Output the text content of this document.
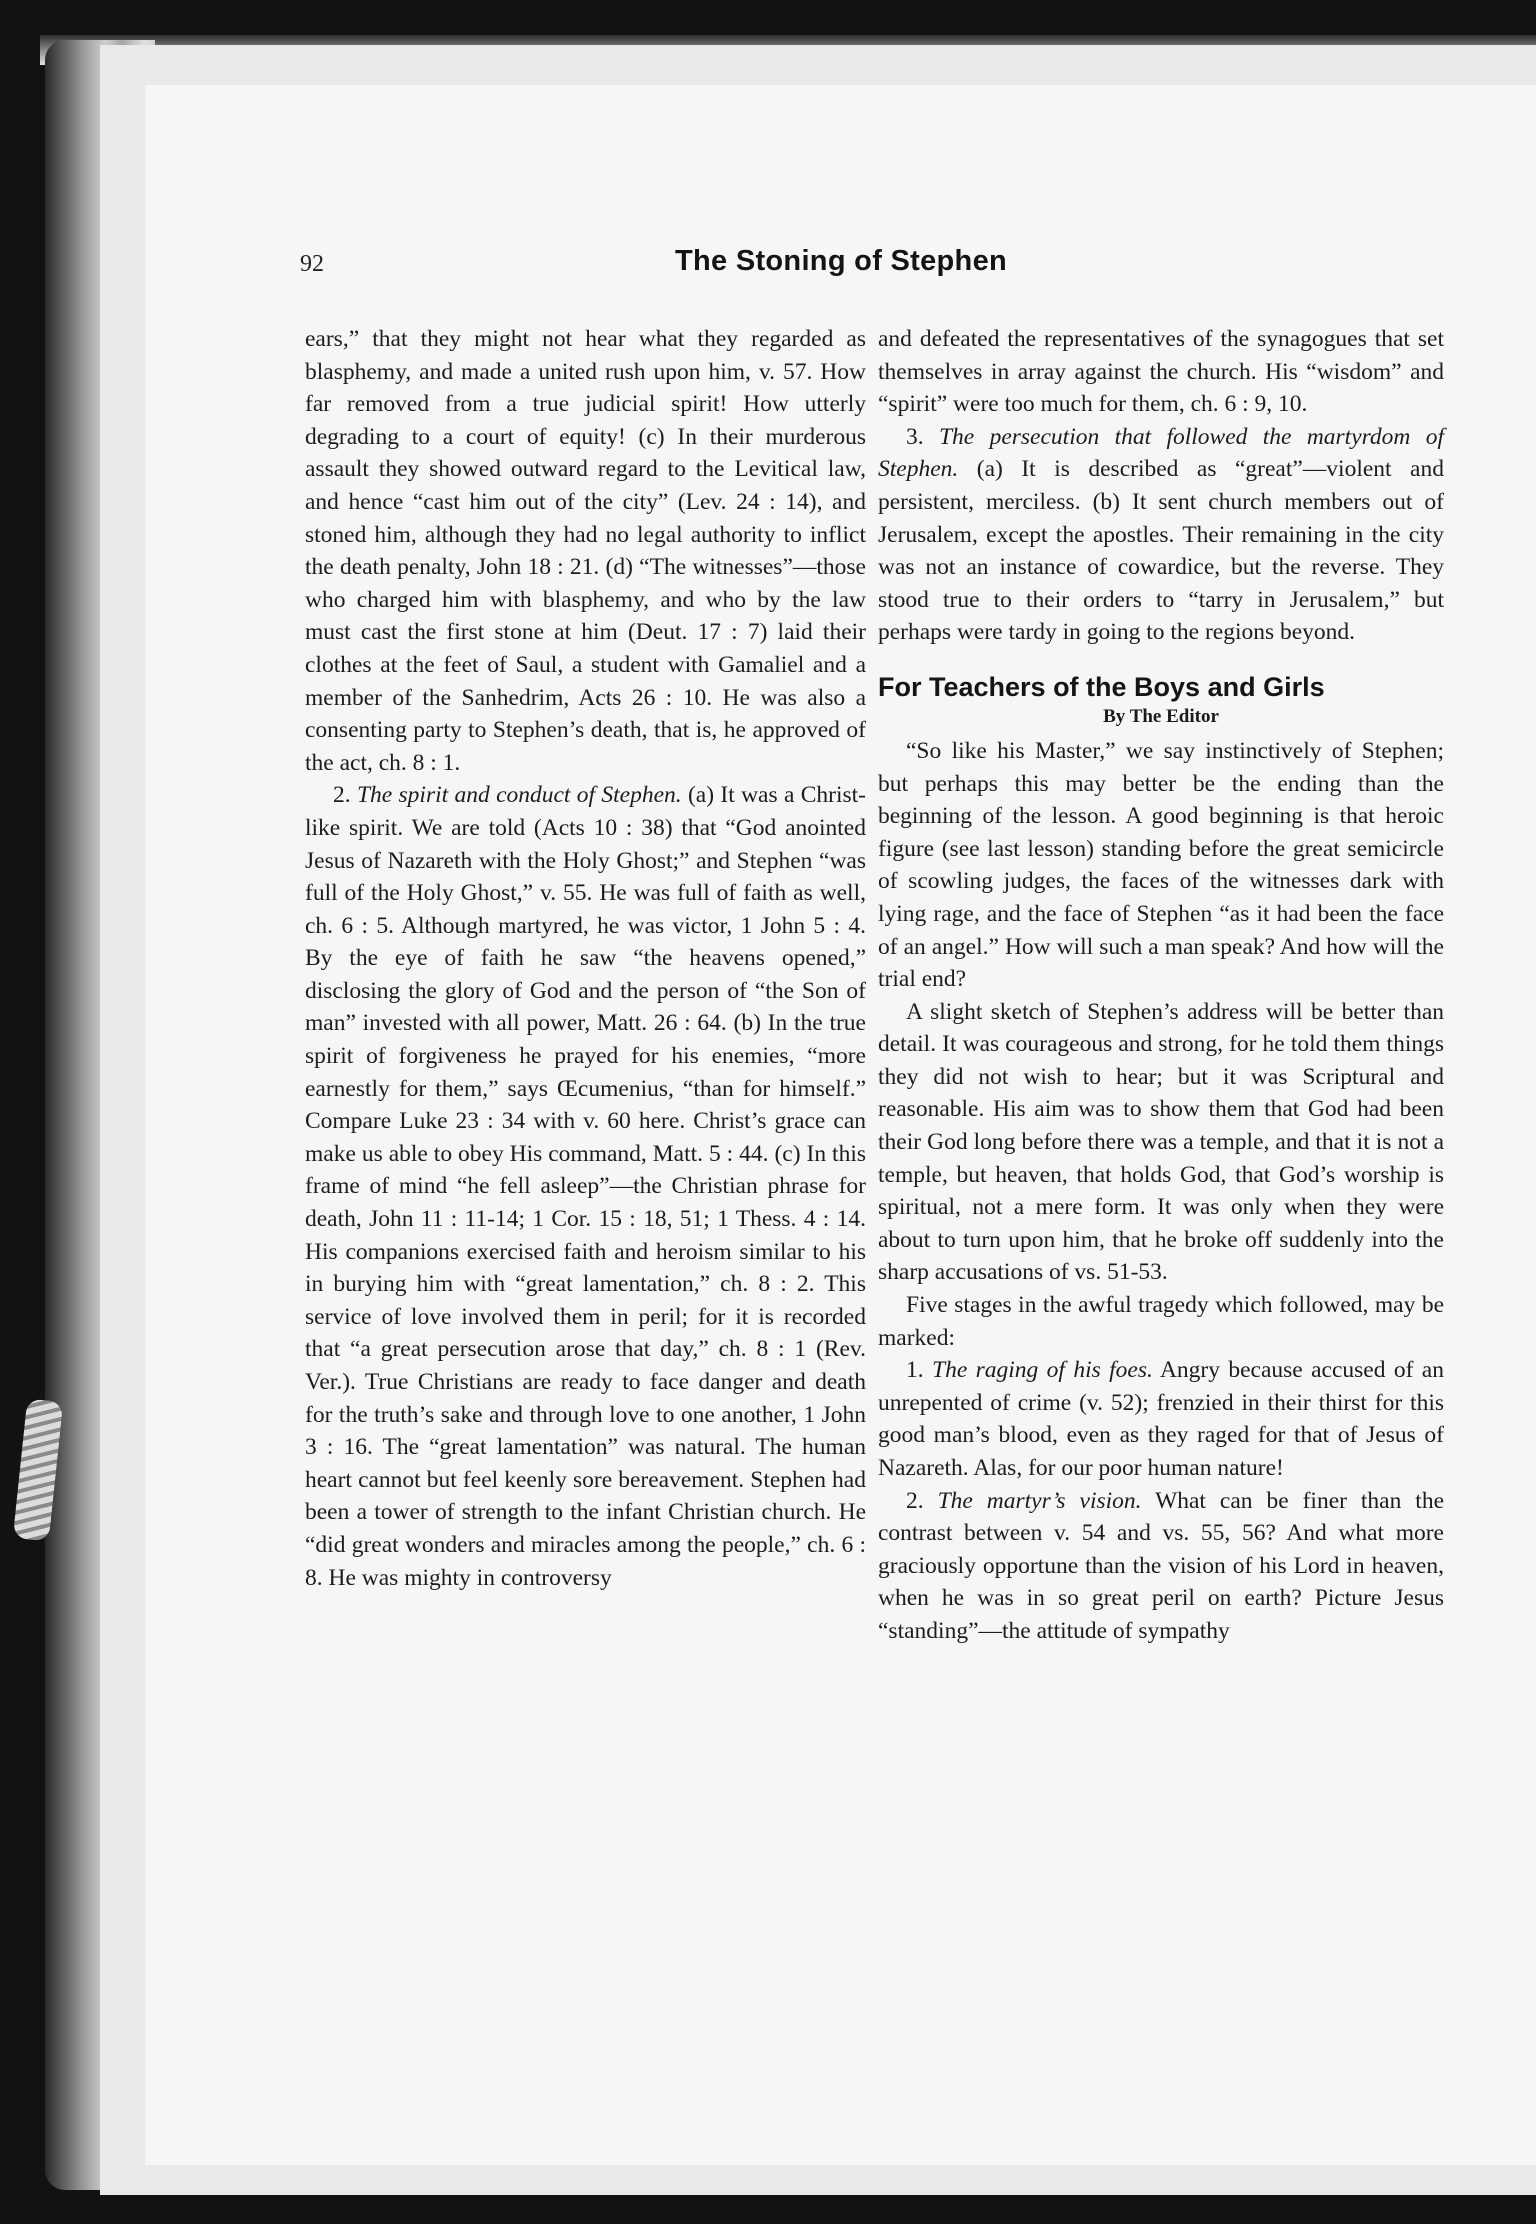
92	The Stoning of Stephen

ears,” that they might not hear what they regarded as blasphemy, and made a united rush upon him, v. 57. How far removed from a true judicial spirit! How utterly degrading to a court of equity! (c) In their murderous assault they showed outward regard to the Levitical law, and hence “cast him out of the city” (Lev. 24 : 14), and stoned him, although they had no legal authority to inflict the death penalty, John 18 : 21. (d) “The witnesses”—those who charged him with blasphemy, and who by the law must cast the first stone at him (Deut. 17 : 7) laid their clothes at the feet of Saul, a student with Gamaliel and a member of the Sanhedrim, Acts 26 : 10. He was also a consenting party to Stephen’s death, that is, he approved of the act, ch. 8 : 1.

2. The spirit and conduct of Stephen. (a) It was a Christ-like spirit. We are told (Acts 10 : 38) that “God anointed Jesus of Nazareth with the Holy Ghost;” and Stephen “was full of the Holy Ghost,” v. 55. He was full of faith as well, ch. 6 : 5. Although martyred, he was victor, 1 John 5 : 4. By the eye of faith he saw “the heavens opened,” disclosing the glory of God and the person of “the Son of man” invested with all power, Matt. 26 : 64. (b) In the true spirit of forgiveness he prayed for his enemies, “more earnestly for them,” says Œcumenius, “than for himself.” Compare Luke 23 : 34 with v. 60 here. Christ’s grace can make us able to obey His command, Matt. 5 : 44. (c) In this frame of mind “he fell asleep”—the Christian phrase for death, John 11 : 11-14; 1 Cor. 15 : 18, 51; 1 Thess. 4 : 14. His companions exercised faith and heroism similar to his in burying him with “great lamentation,” ch. 8 : 2. This service of love involved them in peril; for it is recorded that “a great persecution arose that day,” ch. 8 : 1 (Rev. Ver.). True Christians are ready to face danger and death for the truth’s sake and through love to one another, 1 John 3 : 16. The “great lamentation” was natural. The human heart cannot but feel keenly sore bereavement. Stephen had been a tower of strength to the infant Christian church. He “did great wonders and miracles among the people,” ch. 6 : 8. He was mighty in controversy

and defeated the representatives of the synagogues that set themselves in array against the church. His “wisdom” and “spirit” were too much for them, ch. 6 : 9, 10.

3. The persecution that followed the martyrdom of Stephen. (a) It is described as “great”—violent and persistent, merciless. (b) It sent church members out of Jerusalem, except the apostles. Their remaining in the city was not an instance of cowardice, but the reverse. They stood true to their orders to “tarry in Jerusalem,” but perhaps were tardy in going to the regions beyond.

For Teachers of the Boys and Girls
By The Editor

“So like his Master,” we say instinctively of Stephen; but perhaps this may better be the ending than the beginning of the lesson. A good beginning is that heroic figure (see last lesson) standing before the great semicircle of scowling judges, the faces of the witnesses dark with lying rage, and the face of Stephen “as it had been the face of an angel.” How will such a man speak? And how will the trial end?

A slight sketch of Stephen’s address will be better than detail. It was courageous and strong, for he told them things they did not wish to hear; but it was Scriptural and reasonable. His aim was to show them that God had been their God long before there was a temple, and that it is not a temple, but heaven, that holds God, that God’s worship is spiritual, not a mere form. It was only when they were about to turn upon him, that he broke off suddenly into the sharp accusations of vs. 51-53.

Five stages in the awful tragedy which followed, may be marked:

1. The raging of his foes. Angry because accused of an unrepented of crime (v. 52); frenzied in their thirst for this good man’s blood, even as they raged for that of Jesus of Nazareth. Alas, for our poor human nature!

2. The martyr’s vision. What can be finer than the contrast between v. 54 and vs. 55, 56? And what more graciously opportune than the vision of his Lord in heaven, when he was in so great peril on earth? Picture Jesus “standing”—the attitude of sympathy
